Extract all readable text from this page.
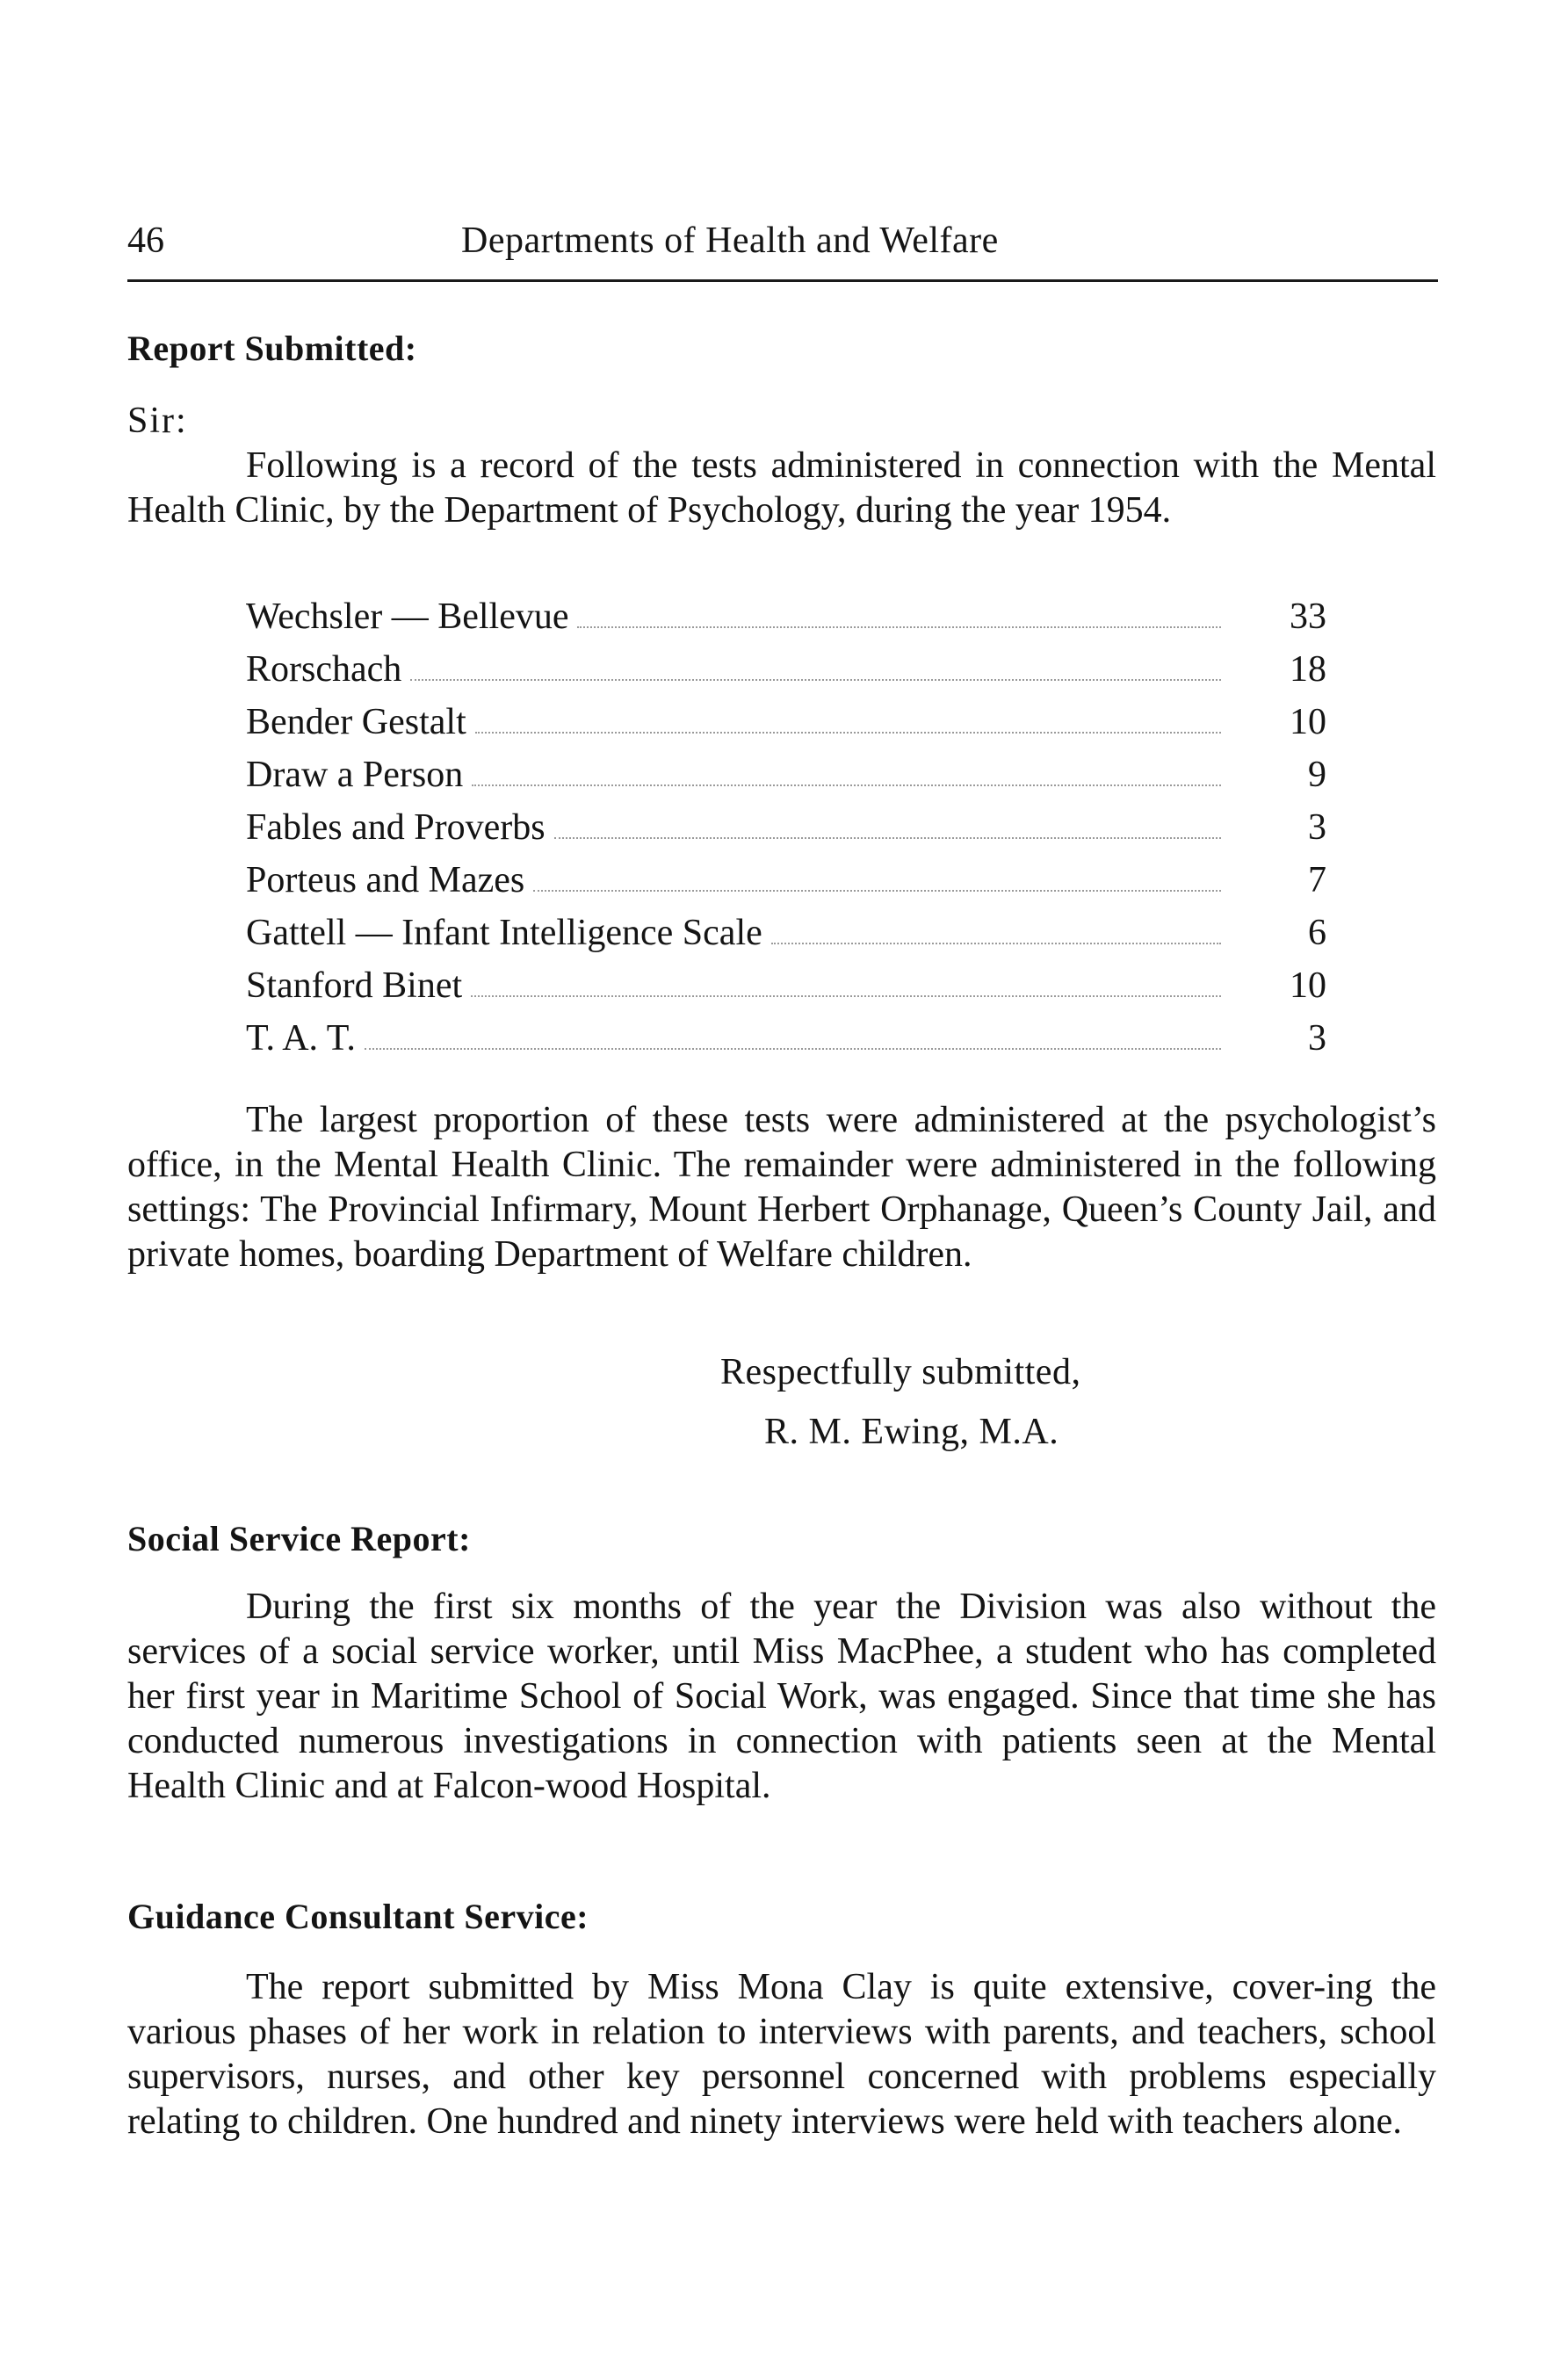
46	Departments of Health and Welfare
Report Submitted:
Sir:

Following is a record of the tests administered in connection with the Mental Health Clinic, by the Department of Psychology, during the year 1954.

Wechsler — Bellevue	33
Rorschach	18
Bender Gestalt	10
Draw a Person	9
Fables and Proverbs	3
Porteus and Mazes	7
Gattell — Infant Intelligence Scale	6
Stanford Binet	10
T. A. T.	3

The largest proportion of these tests were administered at the psychologist’s office, in the Mental Health Clinic. The remainder were administered in the following settings: The Provincial Infirmary, Mount Herbert Orphanage, Queen’s County Jail, and private homes, boarding Department of Welfare children.

Respectfully submitted,
R. M. Ewing, M.A.
Social Service Report:

During the first six months of the year the Division was also without the services of a social service worker, until Miss MacPhee, a student who has completed her first year in Maritime School of Social Work, was engaged. Since that time she has conducted numerous investigations in connection with patients seen at the Mental Health Clinic and at Falcon-wood Hospital.

Guidance Consultant Service:

The report submitted by Miss Mona Clay is quite extensive, cover-ing the various phases of her work in relation to interviews with parents, and teachers, school supervisors, nurses, and other key personnel concerned with problems especially relating to children. One hundred and ninety interviews were held with teachers alone.
